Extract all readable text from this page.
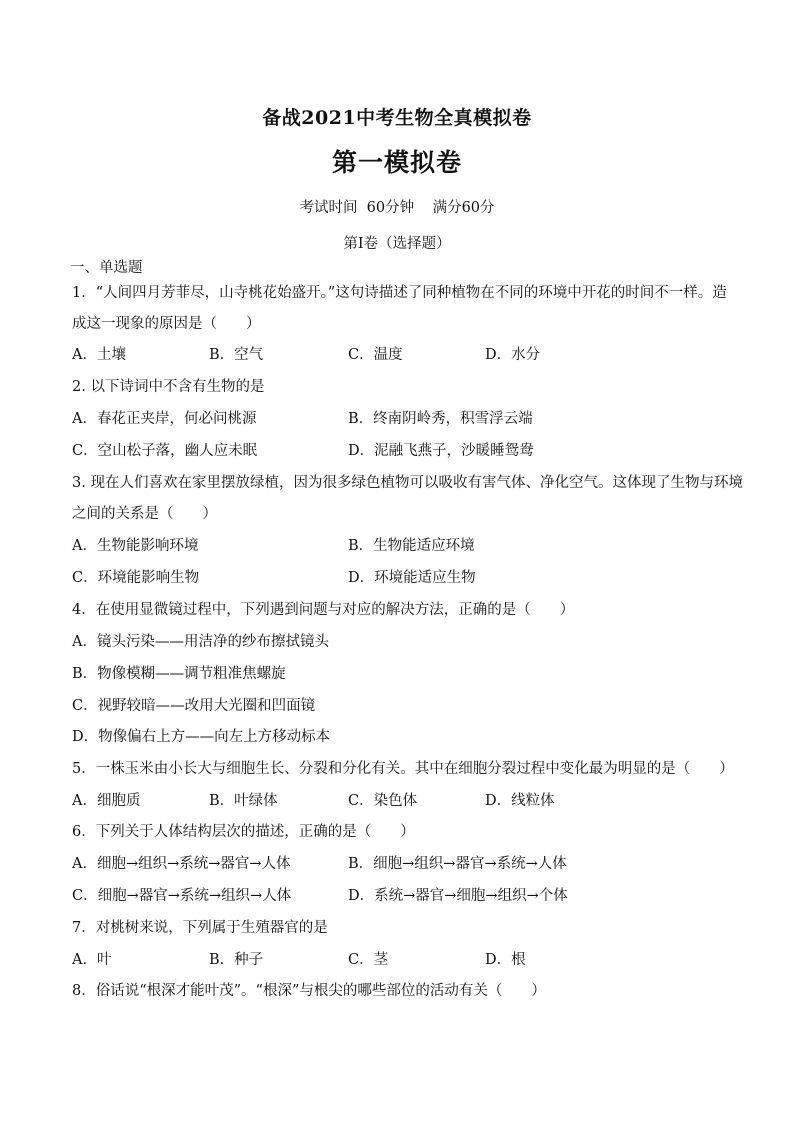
备战2021中考生物全真模拟卷
第一模拟卷
考试时间  60分钟    满分60分
第I卷（选择题）
一、单选题
1．“人间四月芳菲尽，山寺桃花始盛开。”这句诗描述了同种植物在不同的环境中开花的时间不一样。造
成这一现象的原因是（　　）
A．土壤	B．空气	C．温度	D．水分
2. 以下诗词中不含有生物的是
A．春花正夹岸，何必问桃源	B．终南阴岭秀，积雪浮云端
C．空山松子落，幽人应未眠	D．泥融飞燕子，沙暖睡鸳鸯
3. 现在人们喜欢在家里摆放绿植，因为很多绿色植物可以吸收有害气体、净化空气。这体现了生物与环境
之间的关系是（　　）
A．生物能影响环境	B．生物能适应环境
C．环境能影响生物	D．环境能适应生物
4．在使用显微镜过程中，下列遇到问题与对应的解决方法，正确的是（　　）
A．镜头污染——用洁净的纱布擦拭镜头
B．物像模糊——调节粗准焦螺旋
C．视野较暗——改用大光圈和凹面镜
D．物像偏右上方——向左上方移动标本
5．一株玉米由小长大与细胞生长、分裂和分化有关。其中在细胞分裂过程中变化最为明显的是（　　）
A．细胞质	B．叶绿体	C．染色体	D．线粒体
6．下列关于人体结构层次的描述，正确的是（　　）
A．细胞→组织→系统→器官→人体	B．细胞→组织→器官→系统→人体
C．细胞→器官→系统→组织→人体	D．系统→器官→细胞→组织→个体
7．对桃树来说，下列属于生殖器官的是
A．叶	B．种子	C．茎	D．根
8．俗话说“根深才能叶茂”。“根深”与根尖的哪些部位的活动有关（　　）
